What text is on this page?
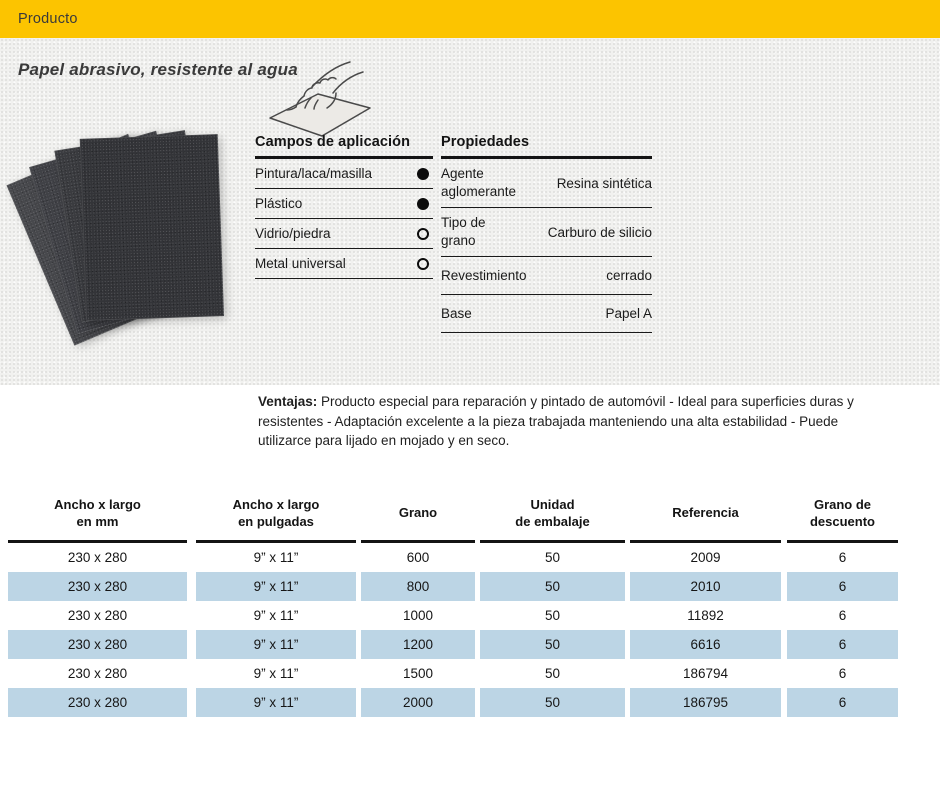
Producto
Papel abrasivo, resistente al agua
Campos de aplicación
Pintura/laca/masilla
Plástico
Vidrio/piedra
Metal universal
Propiedades
Agente
aglomerante
Resina sintética
Tipo de
grano
Carburo de silicio
Revestimiento	cerrado
Base	Papel A

Ventajas: Producto especial para reparación y pintado de automóvil - Ideal para superficies duras y resistentes - Adaptación excelente a la pieza trabajada manteniendo una alta estabilidad - Puede utilizarce para lijado en mojado y en seco.

Ancho x largo
en mm
230 x 280
230 x 280
230 x 280
230 x 280
230 x 280
230 x 280
Ancho x largo
en pulgadas
9” x 11”
9” x 11”
9” x 11”
9” x 11”
9” x 11”
9” x 11”
Grano
600
800
1000
1200
1500
2000
Unidad
de embalaje
50
50
50
50
50
50
Referencia
2009
2010
11892
6616
186794
186795
Grano de
descuento
6
6
6
6
6
6
